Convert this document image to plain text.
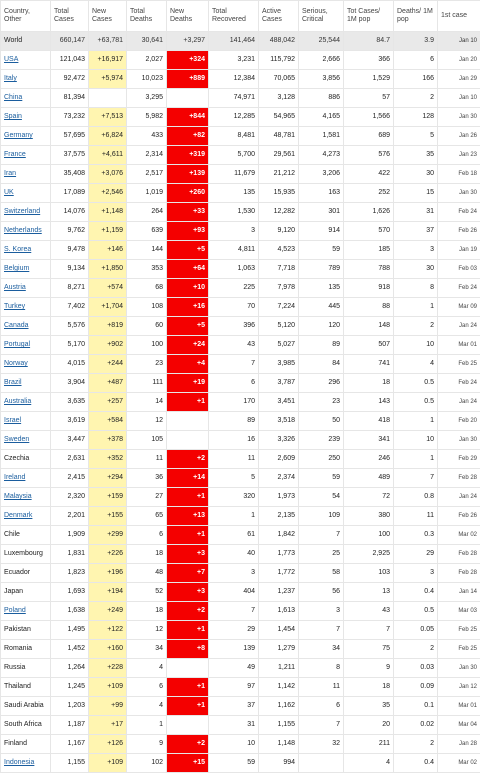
Country, Other	Total Cases	New Cases	Total Deaths	New Deaths	Total Recovered	Active Cases	Serious, Critical	Tot Cases/ 1M pop	Deaths/ 1M pop	1st case
World	660,147	+63,781	30,641	+3,297	141,464	488,042	25,544	84.7	3.9	Jan 10
USA	121,043	+16,917	2,027	+324	3,231	115,792	2,666	366	6	Jan 20
Italy	92,472	+5,974	10,023	+889	12,384	70,065	3,856	1,529	166	Jan 29
China	81,394		3,295		74,971	3,128	886	57	2	Jan 10
Spain	73,232	+7,513	5,982	+844	12,285	54,965	4,165	1,566	128	Jan 30
Germany	57,695	+6,824	433	+82	8,481	48,781	1,581	689	5	Jan 26
France	37,575	+4,611	2,314	+319	5,700	29,561	4,273	576	35	Jan 23
Iran	35,408	+3,076	2,517	+139	11,679	21,212	3,206	422	30	Feb 18
UK	17,089	+2,546	1,019	+260	135	15,935	163	252	15	Jan 30
Switzerland	14,076	+1,148	264	+33	1,530	12,282	301	1,626	31	Feb 24
Netherlands	9,762	+1,159	639	+93	3	9,120	914	570	37	Feb 26
S. Korea	9,478	+146	144	+5	4,811	4,523	59	185	3	Jan 19
Belgium	9,134	+1,850	353	+64	1,063	7,718	789	788	30	Feb 03
Austria	8,271	+574	68	+10	225	7,978	135	918	8	Feb 24
Turkey	7,402	+1,704	108	+16	70	7,224	445	88	1	Mar 09
Canada	5,576	+819	60	+5	396	5,120	120	148	2	Jan 24
Portugal	5,170	+902	100	+24	43	5,027	89	507	10	Mar 01
Norway	4,015	+244	23	+4	7	3,985	84	741	4	Feb 25
Brazil	3,904	+487	111	+19	6	3,787	296	18	0.5	Feb 24
Australia	3,635	+257	14	+1	170	3,451	23	143	0.5	Jan 24
Israel	3,619	+584	12		89	3,518	50	418	1	Feb 20
Sweden	3,447	+378	105		16	3,326	239	341	10	Jan 30
Czechia	2,631	+352	11	+2	11	2,609	250	246	1	Feb 29
Ireland	2,415	+294	36	+14	5	2,374	59	489	7	Feb 28
Malaysia	2,320	+159	27	+1	320	1,973	54	72	0.8	Jan 24
Denmark	2,201	+155	65	+13	1	2,135	109	380	11	Feb 26
Chile	1,909	+299	6	+1	61	1,842	7	100	0.3	Mar 02
Luxembourg	1,831	+226	18	+3	40	1,773	25	2,925	29	Feb 28
Ecuador	1,823	+196	48	+7	3	1,772	58	103	3	Feb 28
Japan	1,693	+194	52	+3	404	1,237	56	13	0.4	Jan 14
Poland	1,638	+249	18	+2	7	1,613	3	43	0.5	Mar 03
Pakistan	1,495	+122	12	+1	29	1,454	7	7	0.05	Feb 25
Romania	1,452	+160	34	+8	139	1,279	34	75	2	Feb 25
Russia	1,264	+228	4		49	1,211	8	9	0.03	Jan 30
Thailand	1,245	+109	6	+1	97	1,142	11	18	0.09	Jan 12
Saudi Arabia	1,203	+99	4	+1	37	1,162	6	35	0.1	Mar 01
South Africa	1,187	+17	1		31	1,155	7	20	0.02	Mar 04
Finland	1,167	+126	9	+2	10	1,148	32	211	2	Jan 28
Indonesia	1,155	+109	102	+15	59	994		4	0.4	Mar 02
